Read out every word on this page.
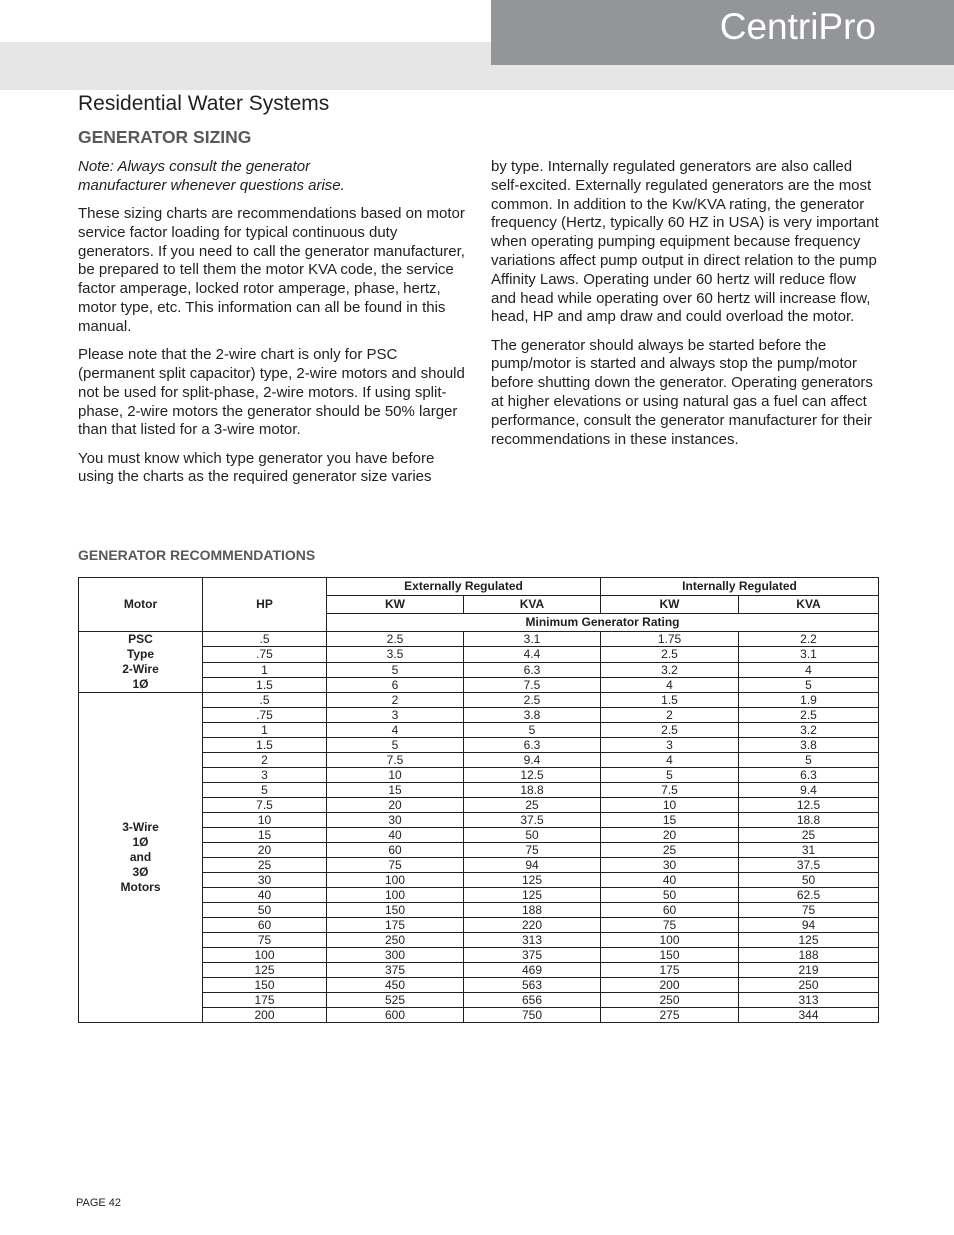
Residential Water Systems
CentriPro
GENERATOR SIZING

Note: Always consult the generator manufacturer whenever questions arise.

These sizing charts are recommendations based on motor service factor loading for typical continuous duty generators. If you need to call the generator manufacturer, be prepared to tell them the motor KVA code, the service factor amperage, locked rotor amperage, phase, hertz, motor type, etc. This information can all be found in this manual.

Please note that the 2-wire chart is only for PSC (permanent split capacitor) type, 2-wire motors and should not be used for split-phase, 2-wire motors. If using split-phase, 2-wire motors the generator should be 50% larger than that listed for a 3-wire motor.

You must know which type generator you have before using the charts as the required generator size varies

by type. Internally regulated generators are also called self-excited. Externally regulated generators are the most common. In addition to the Kw/KVA rating, the generator frequency (Hertz, typically 60 HZ in USA) is very important when operating pumping equipment because frequency variations affect pump output in direct relation to the pump Affinity Laws. Operating under 60 hertz will reduce flow and head while operating over 60 hertz will increase flow, head, HP and amp draw and could overload the motor.

The generator should always be started before the pump/motor is started and always stop the pump/motor before shutting down the generator. Operating generators at higher elevations or using natural gas a fuel can affect performance, consult the generator manufacturer for their recommendations in these instances.

GENERATOR RECOMMENDATIONS
Motor	HP	Externally Regulated		Internally Regulated	
		KW	KVA	KW	KVA
		Minimum Generator Rating			

PSC
Type
2-Wire
1Ø	.5	2.5	3.1	1.75	2.2
	.75	3.5	4.4	2.5	3.1
	1	5	6.3	3.2	4
	1.5	6	7.5	4	5

3-Wire
1Ø
and
3Ø
Motors	.5	2	2.5	1.5	1.9
	.75	3	3.8	2	2.5
	1	4	5	2.5	3.2
	1.5	5	6.3	3	3.8
	2	7.5	9.4	4	5
	3	10	12.5	5	6.3
	5	15	18.8	7.5	9.4
	7.5	20	25	10	12.5
	10	30	37.5	15	18.8
	15	40	50	20	25
	20	60	75	25	31
	25	75	94	30	37.5
	30	100	125	40	50
	40	100	125	50	62.5
	50	150	188	60	75
	60	175	220	75	94
	75	250	313	100	125
	100	300	375	150	188
	125	375	469	175	219
	150	450	563	200	250
	175	525	656	250	313
	200	600	750	275	344
PAGE 42
